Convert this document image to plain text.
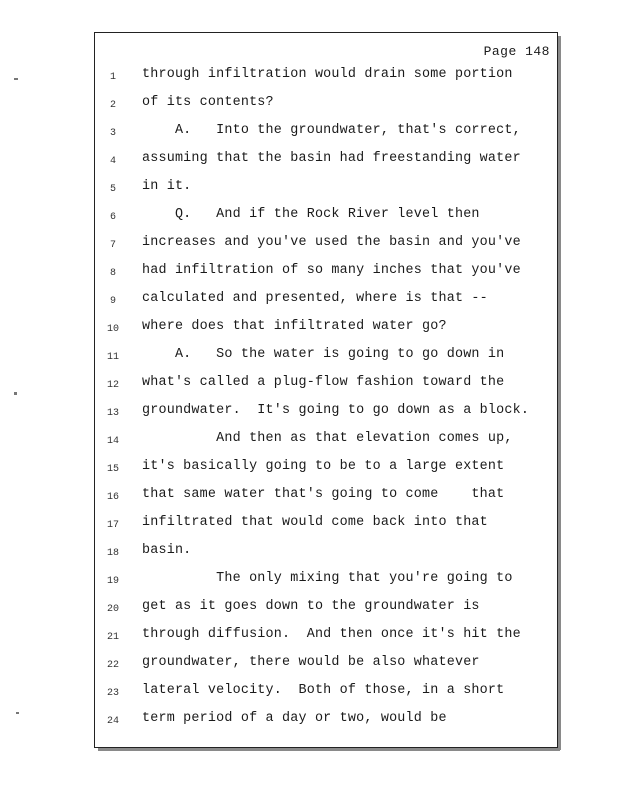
Page 148
1	through infiltration would drain some portion
2	of its contents?
3	A.   Into the groundwater, that's correct,
4	assuming that the basin had freestanding water
5	in it.
6	Q.   And if the Rock River level then
7	increases and you've used the basin and you've
8	had infiltration of so many inches that you've
9	calculated and presented, where is that --
10	where does that infiltrated water go?
11	A.   So the water is going to go down in
12	what's called a plug-flow fashion toward the
13	groundwater.  It's going to go down as a block.
14	And then as that elevation comes up,
15	it's basically going to be to a large extent
16	that same water that's going to come    that
17	infiltrated that would come back into that
18	basin.
19	The only mixing that you're going to
20	get as it goes down to the groundwater is
21	through diffusion.  And then once it's hit the
22	groundwater, there would be also whatever
23	lateral velocity.  Both of those, in a short
24	term period of a day or two, would be
